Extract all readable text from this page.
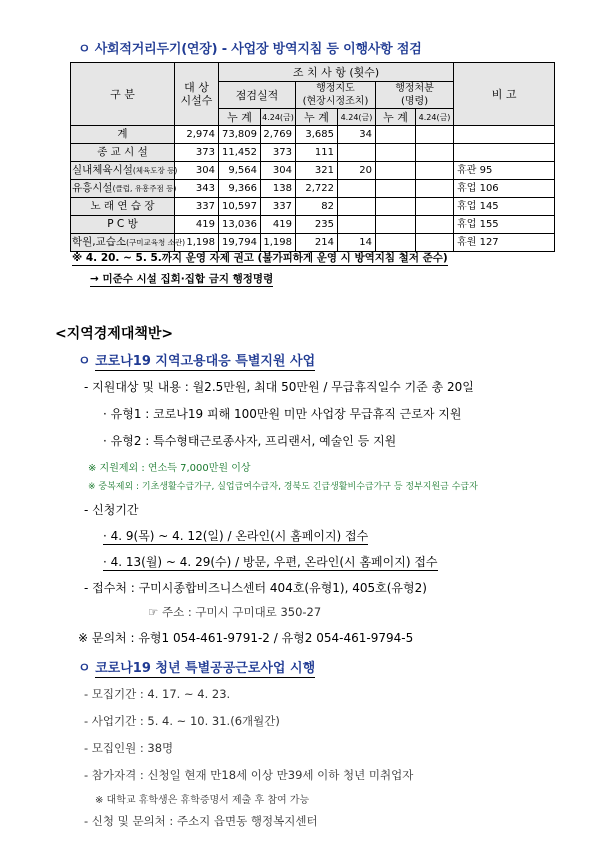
ㅇ 사회적거리두기(연장) - 사업장 방역지침 등 이행사항 점검
구 분	대 상
시설수	조 치 사 항 (횟수)						비 고
		점검실적		행정지도
(현장시정조치)		행정처분
(명령)		
		누 계	4.24(금)	누 계	4.24(금)	누 계	4.24(금)	
계	2,974	73,809	2,769	3,685	34			
종 교 시 설	373	11,452	373	111				
실내체육시설(체육도장 등)	304	9,564	304	321	20			휴관 95
유흥시설(클럽, 유흥주점 등)	343	9,366	138	2,722				휴업 106
노 래 연 습 장	337	10,597	337	82				휴업 145
P C 방	419	13,036	419	235				휴업 155
학원,교습소(구미교육청 소관)	1,198	19,794	1,198	214	14			휴원 127
※ 4. 20. ~ 5. 5.까지 운영 자제 권고 (불가피하게 운영 시 방역지침 철저 준수)
→ 미준수 시설 집회·집합 금지 행정명령
<지역경제대책반>
ㅇ 코로나19 지역고용대응 특별지원 사업
- 지원대상 및 내용 : 월2.5만원, 최대 50만원 / 무급휴직일수 기준 총 20일
· 유형1 : 코로나19 피해 100만원 미만 사업장 무급휴직 근로자 지원
· 유형2 : 특수형태근로종사자, 프리랜서, 예술인 등 지원
※ 지원제외 : 연소득 7,000만원 이상
※ 중복제외 : 기초생활수급가구, 실업급여수급자, 경북도 긴급생활비수급가구 등 정부지원금 수급자
- 신청기간
· 4. 9(목) ~ 4. 12(일) / 온라인(시 홈페이지) 접수
· 4. 13(월) ~ 4. 29(수) / 방문, 우편, 온라인(시 홈페이지) 접수
- 접수처 : 구미시종합비즈니스센터 404호(유형1), 405호(유형2)
☞ 주소 : 구미시 구미대로 350-27
※ 문의처 : 유형1 054-461-9791-2 / 유형2 054-461-9794-5
ㅇ 코로나19 청년 특별공공근로사업 시행
- 모집기간 : 4. 17. ~ 4. 23.
- 사업기간 : 5. 4. ~ 10. 31.(6개월간)
- 모집인원 : 38명
- 참가자격 : 신청일 현재 만18세 이상 만39세 이하 청년 미취업자
※ 대학교 휴학생은 휴학증명서 제출 후 참여 가능
- 신청 및 문의처 : 주소지 읍면동 행정복지센터
